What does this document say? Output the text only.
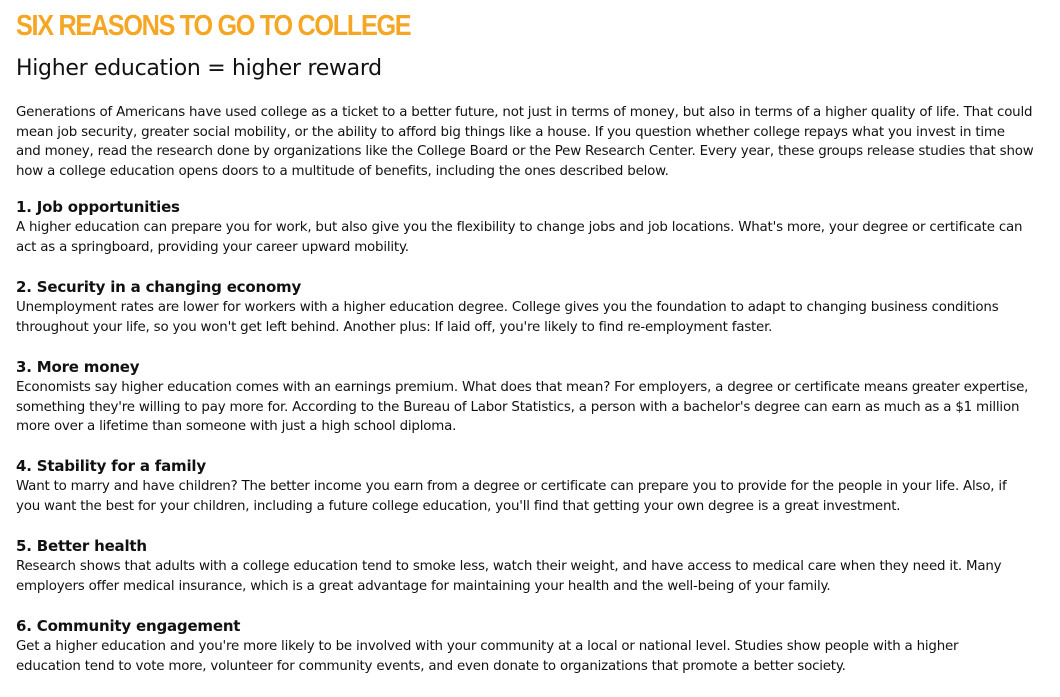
SIX REASONS TO GO TO COLLEGE
Higher education = higher reward
Generations of Americans have used college as a ticket to a better future, not just in terms of money, but also in terms of a higher quality of life. That could
mean job security, greater social mobility, or the ability to afford big things like a house. If you question whether college repays what you invest in time
and money, read the research done by organizations like the College Board or the Pew Research Center. Every year, these groups release studies that show
how a college education opens doors to a multitude of benefits, including the ones described below.
1. Job opportunities
A higher education can prepare you for work, but also give you the flexibility to change jobs and job locations. What's more, your degree or certificate can
act as a springboard, providing your career upward mobility.
2. Security in a changing economy
Unemployment rates are lower for workers with a higher education degree. College gives you the foundation to adapt to changing business conditions
throughout your life, so you won't get left behind. Another plus: If laid off, you're likely to find re-employment faster.
3. More money
Economists say higher education comes with an earnings premium. What does that mean? For employers, a degree or certificate means greater expertise,
something they're willing to pay more for. According to the Bureau of Labor Statistics, a person with a bachelor's degree can earn as much as a $1 million
more over a lifetime than someone with just a high school diploma.
4. Stability for a family
Want to marry and have children? The better income you earn from a degree or certificate can prepare you to provide for the people in your life. Also, if
you want the best for your children, including a future college education, you'll find that getting your own degree is a great investment.
5. Better health
Research shows that adults with a college education tend to smoke less, watch their weight, and have access to medical care when they need it. Many
employers offer medical insurance, which is a great advantage for maintaining your health and the well-being of your family.
6. Community engagement
Get a higher education and you're more likely to be involved with your community at a local or national level. Studies show people with a higher
education tend to vote more, volunteer for community events, and even donate to organizations that promote a better society.
